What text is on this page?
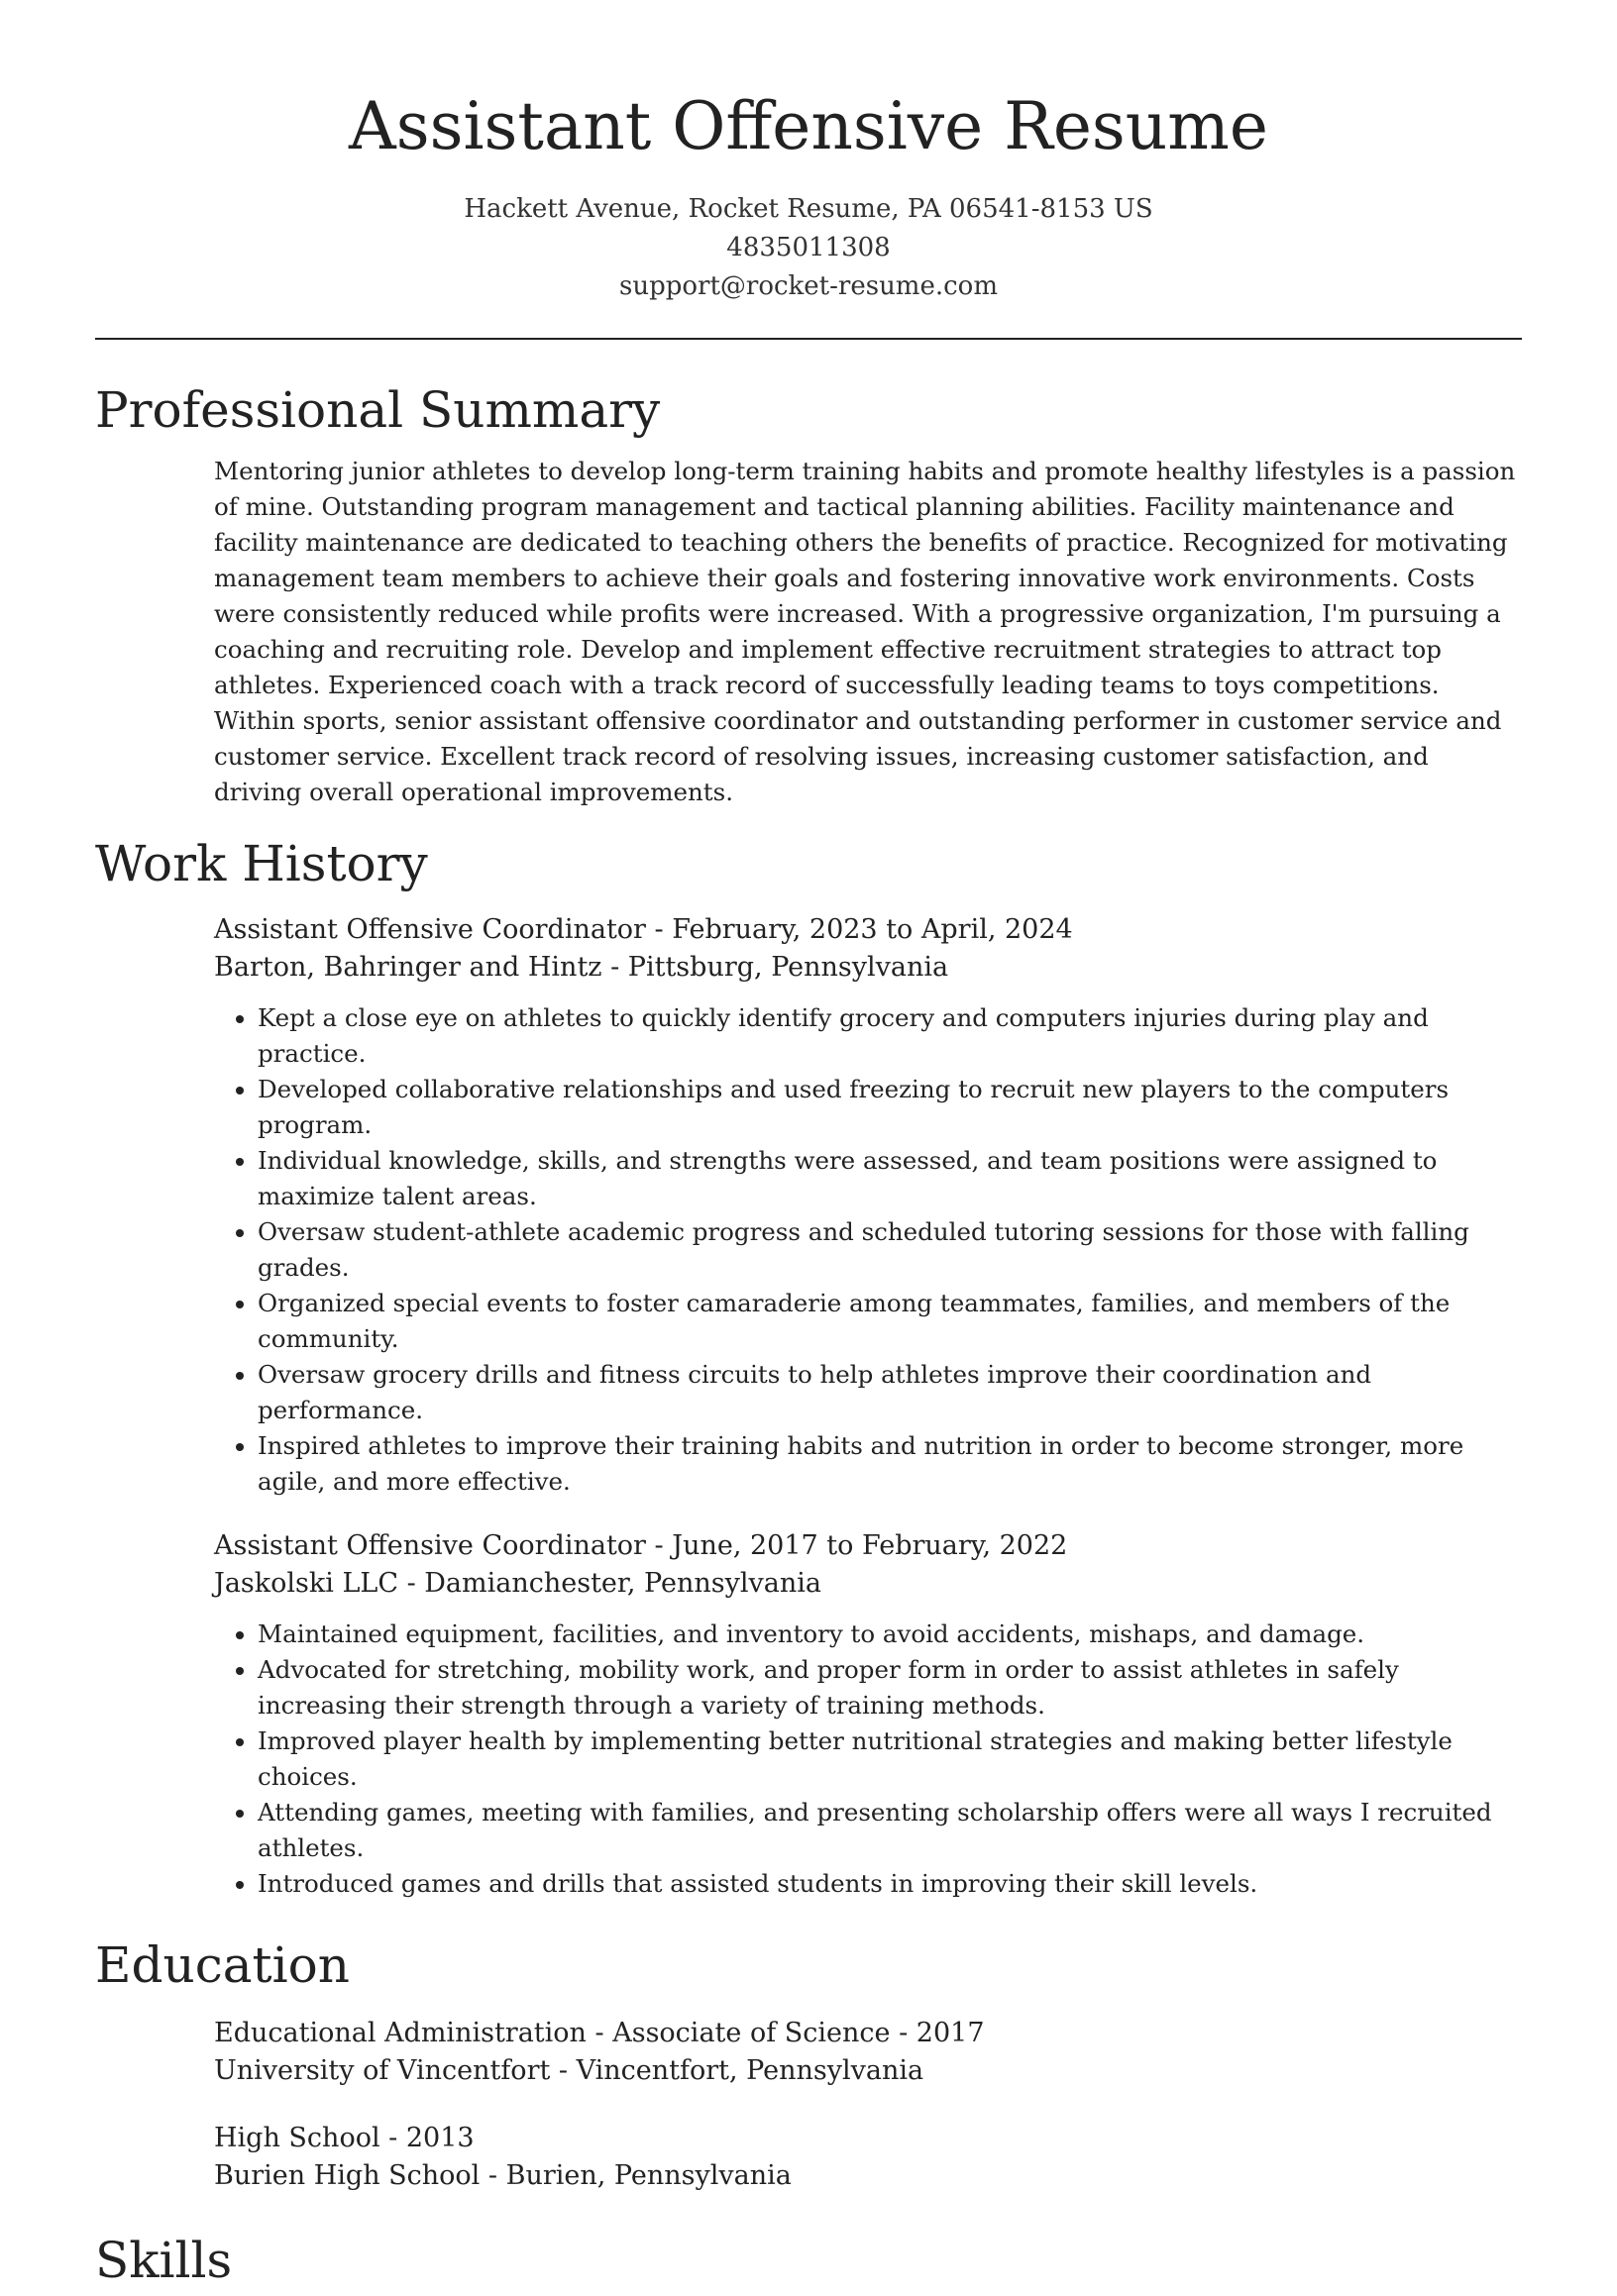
Assistant Offensive Resume
Hackett Avenue, Rocket Resume, PA 06541-8153 US
4835011308
support@rocket-resume.com
Professional Summary

Mentoring junior athletes to develop long-term training habits and promote healthy lifestyles is a passion of mine. Outstanding program management and tactical planning abilities. Facility maintenance and facility maintenance are dedicated to teaching others the benefits of practice. Recognized for motivating management team members to achieve their goals and fostering innovative work environments. Costs were consistently reduced while profits were increased. With a progressive organization, I'm pursuing a coaching and recruiting role. Develop and implement effective recruitment strategies to attract top athletes. Experienced coach with a track record of successfully leading teams to toys competitions. Within sports, senior assistant offensive coordinator and outstanding performer in customer service and customer service. Excellent track record of resolving issues, increasing customer satisfaction, and driving overall operational improvements.

Work History
Assistant Offensive Coordinator - February, 2023 to April, 2024
Barton, Bahringer and Hintz - Pittsburg, Pennsylvania
• Kept a close eye on athletes to quickly identify grocery and computers injuries during play and practice.
• Developed collaborative relationships and used freezing to recruit new players to the computers program.
• Individual knowledge, skills, and strengths were assessed, and team positions were assigned to maximize talent areas.
• Oversaw student-athlete academic progress and scheduled tutoring sessions for those with falling grades.
• Organized special events to foster camaraderie among teammates, families, and members of the community.
• Oversaw grocery drills and fitness circuits to help athletes improve their coordination and performance.
• Inspired athletes to improve their training habits and nutrition in order to become stronger, more agile, and more effective.
Assistant Offensive Coordinator - June, 2017 to February, 2022
Jaskolski LLC - Damianchester, Pennsylvania
• Maintained equipment, facilities, and inventory to avoid accidents, mishaps, and damage.
• Advocated for stretching, mobility work, and proper form in order to assist athletes in safely increasing their strength through a variety of training methods.
• Improved player health by implementing better nutritional strategies and making better lifestyle choices.
• Attending games, meeting with families, and presenting scholarship offers were all ways I recruited athletes.
• Introduced games and drills that assisted students in improving their skill levels.
Education
Educational Administration - Associate of Science - 2017
University of Vincentfort - Vincentfort, Pennsylvania
High School - 2013
Burien High School - Burien, Pennsylvania
Skills
